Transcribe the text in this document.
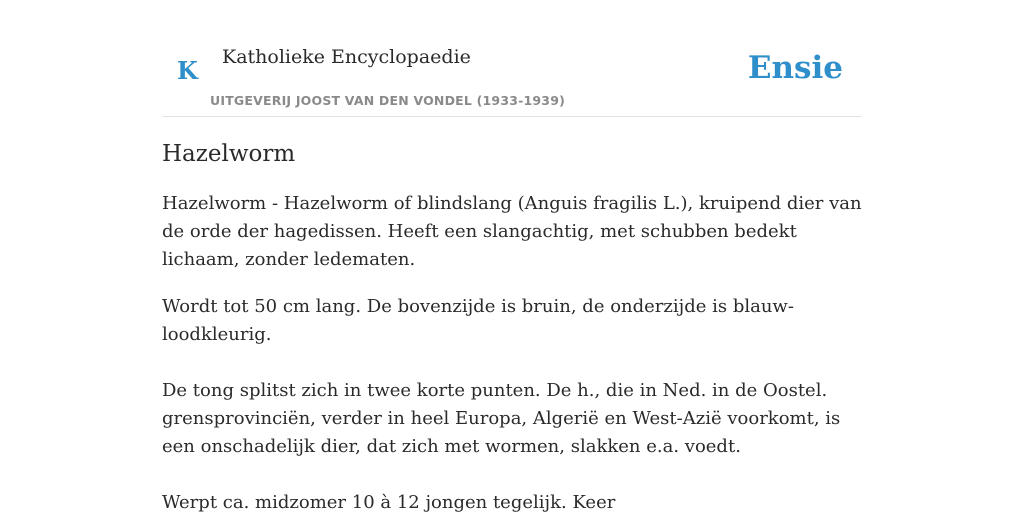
K Katholieke Encyclopaedie
UITGEVERIJ JOOST VAN DEN VONDEL (1933-1939)
Ensie
Hazelworm

Hazelworm - Hazelworm of blindslang (Anguis fragilis L.), kruipend dier van de orde der hagedissen. Heeft een slangachtig, met schubben bedekt lichaam, zonder ledematen.

Wordt tot 50 cm lang. De bovenzijde is bruin, de onderzijde is blauw-loodkleurig.

De tong splitst zich in twee korte punten. De h., die in Ned. in de Oostel. grensprovinciën, verder in heel Europa, Algerië en West-Azië voorkomt, is een onschadelijk dier, dat zich met wormen, slakken e.a. voedt.

Werpt ca. midzomer 10 à 12 jongen tegelijk. Keer
